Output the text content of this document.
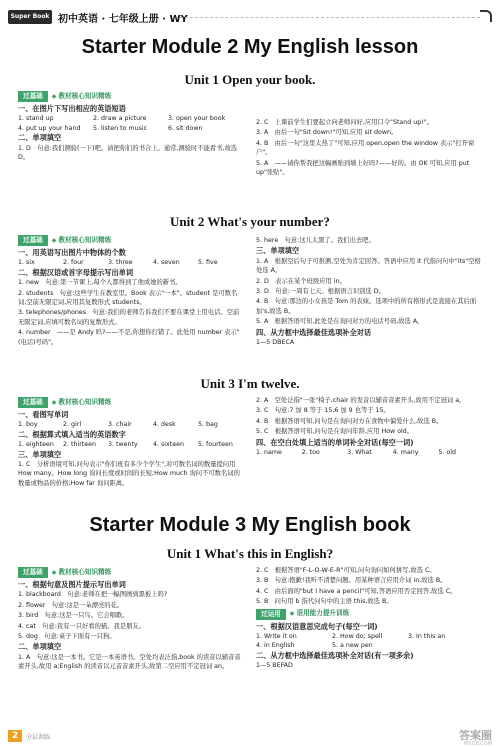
Super Book 初中英语 · 七年级上册 · WY
Starter Module 2 My English lesson
Unit 1 Open your book.
过基础	◆ 教材核心知识精练

一、在图片下写出相应的英语短语

1. stand up	2. draw a picture	3. open your book
4. put up your hand	5. listen to music	6. sit down

二、单项填空

1. D　句意:我们测验(一下)吧。请把你们的书合上。通常,测验时不能看书,故选 D。

2. C　上课前学生们要起立向老师问好,应用口令"Stand up!"。

3. A　由后一句"Sit down!"可知,应用 sit down。

4. B　由后一句"这里太热了"可知,应用 open,open the window 表示"打开窗户"。

5. A　——请你帮我把这幅画贴到墙上好吗?——好的。由 OK 可知,应用 put up"张贴"。

Unit 2 What's your number?
过基础	◆ 教材核心知识精练

一、用英语写出图片中物体的个数

1. six	2. four	3. three	4. seven	5. five

二、根据汉语或首字母提示写出单词

1. new　句意:第一节课上,每个人都得到了他或她的新书。

2. students　句意:这些学生在教室里。Book 表示"一本"。student 是可数名词,空前无限定词,应用其复数形式 students。

3. telephones/phones　句意:我们的老师告诉我们不要在课堂上用电话。空前无限定词,应填可数名词的复数形式。

4. number　——是 Andy 吗?——不是,你想你打错了。此处用 number 表示"(电话)号码"。

5. here　句意:这儿太黑了。我们出去吧。

三、单项填空

1. A　根据空后句子可推测,空处为肯定回答。答语中应用 it 代指问句中"its"空格处选 A。

2. D　表示在某个班级应用 in。

3. D　句意:一周有七天。根据语言识别选 D。

4. B　句意:那边的小女孩是 Tom 的表妹。选项中的所有格形式是直接在其后面加's,故选 B。

5. A　根据答语可知,此处是在询问对方的电话号码,故选 A。

四、从方框中选择最佳选项补全对话

1—5 DBECA

Unit 3 I'm twelve.
过基础	◆ 教材核心知识精练

一、看图写单词

1. boy	2. girl	3. chair	4. desk	5. bag

二、根据算式填入适当的英语数字

1. eighteen	2. thirteen	3. twenty	4. sixteen	5. fourteen

三、单项填空

1. C　分析语境可知,问句表示"你们班有多少个学生",对可数名词的数量提问用 How many。How long 询问长度或时间的长短;How much 询问不可数名词的数量或物品的价格;How far 询问距离。

2. A　空处泛指"一张"椅子,chair 的发音以辅音音素开头,故用不定冠词 a。

3. C　句意:7 加 8 等于 15,6 加 9 也等于 15。

4. B　根据答语可知,问句是在询问对方在食物中偏爱什么,故选 B。

5. C　根据答语可知,问句是在询问年龄,应用 How old。

四、在空白处填上适当的单词补全对话(每空一词)

1. name	2. too	3. What	4. many	5. old
Starter Module 3 My English book
Unit 1 What's this in English?
过基础	◆ 教材核心知识精练

一、根据句意及图片提示写出单词

1. blackboard　句意:老师在把一幅图画到黑板上吗?

2. flower　句意:这是一朵漂亮的花。

3. bird　句意:这是一只鸟。它会唱歌。

4. cat　句意:我有一只好看的猫。我是朋友。

5. dog　句意:桌子下面有一只狗。

二、单项填空

1. A　句意:这是一本书。它是一本英语书。空处均表泛指,book 的读音以辅音音素开头,故用 a;English 的读音以元音音素开头,故第二空应用不定冠词 an。

2. C　根据答语"F-L-O-W-E-R"可知,问句询问如何拼写,故选 C。

3. B　句意:抱歉!我听不清楚问题。用某种语言应用介词 in,故选 B。

4. C　由后面的"but I have a pencil"可知,答语应用否定回答,故选 C。

5. B　问句用 b 指代问句中的主语 this,故选 B。

过运用	◆ 语用能力提升训练

一、根据汉语意思完成句子(每空一词)

1. Write it on	2. How do; spell	3. In this an
4. in English	5. a new pen

二、从方框中选择最佳选项补全对话(有一项多余)

1—5 BEFAD

2	分层训练	答案圈
MXQE.COM
